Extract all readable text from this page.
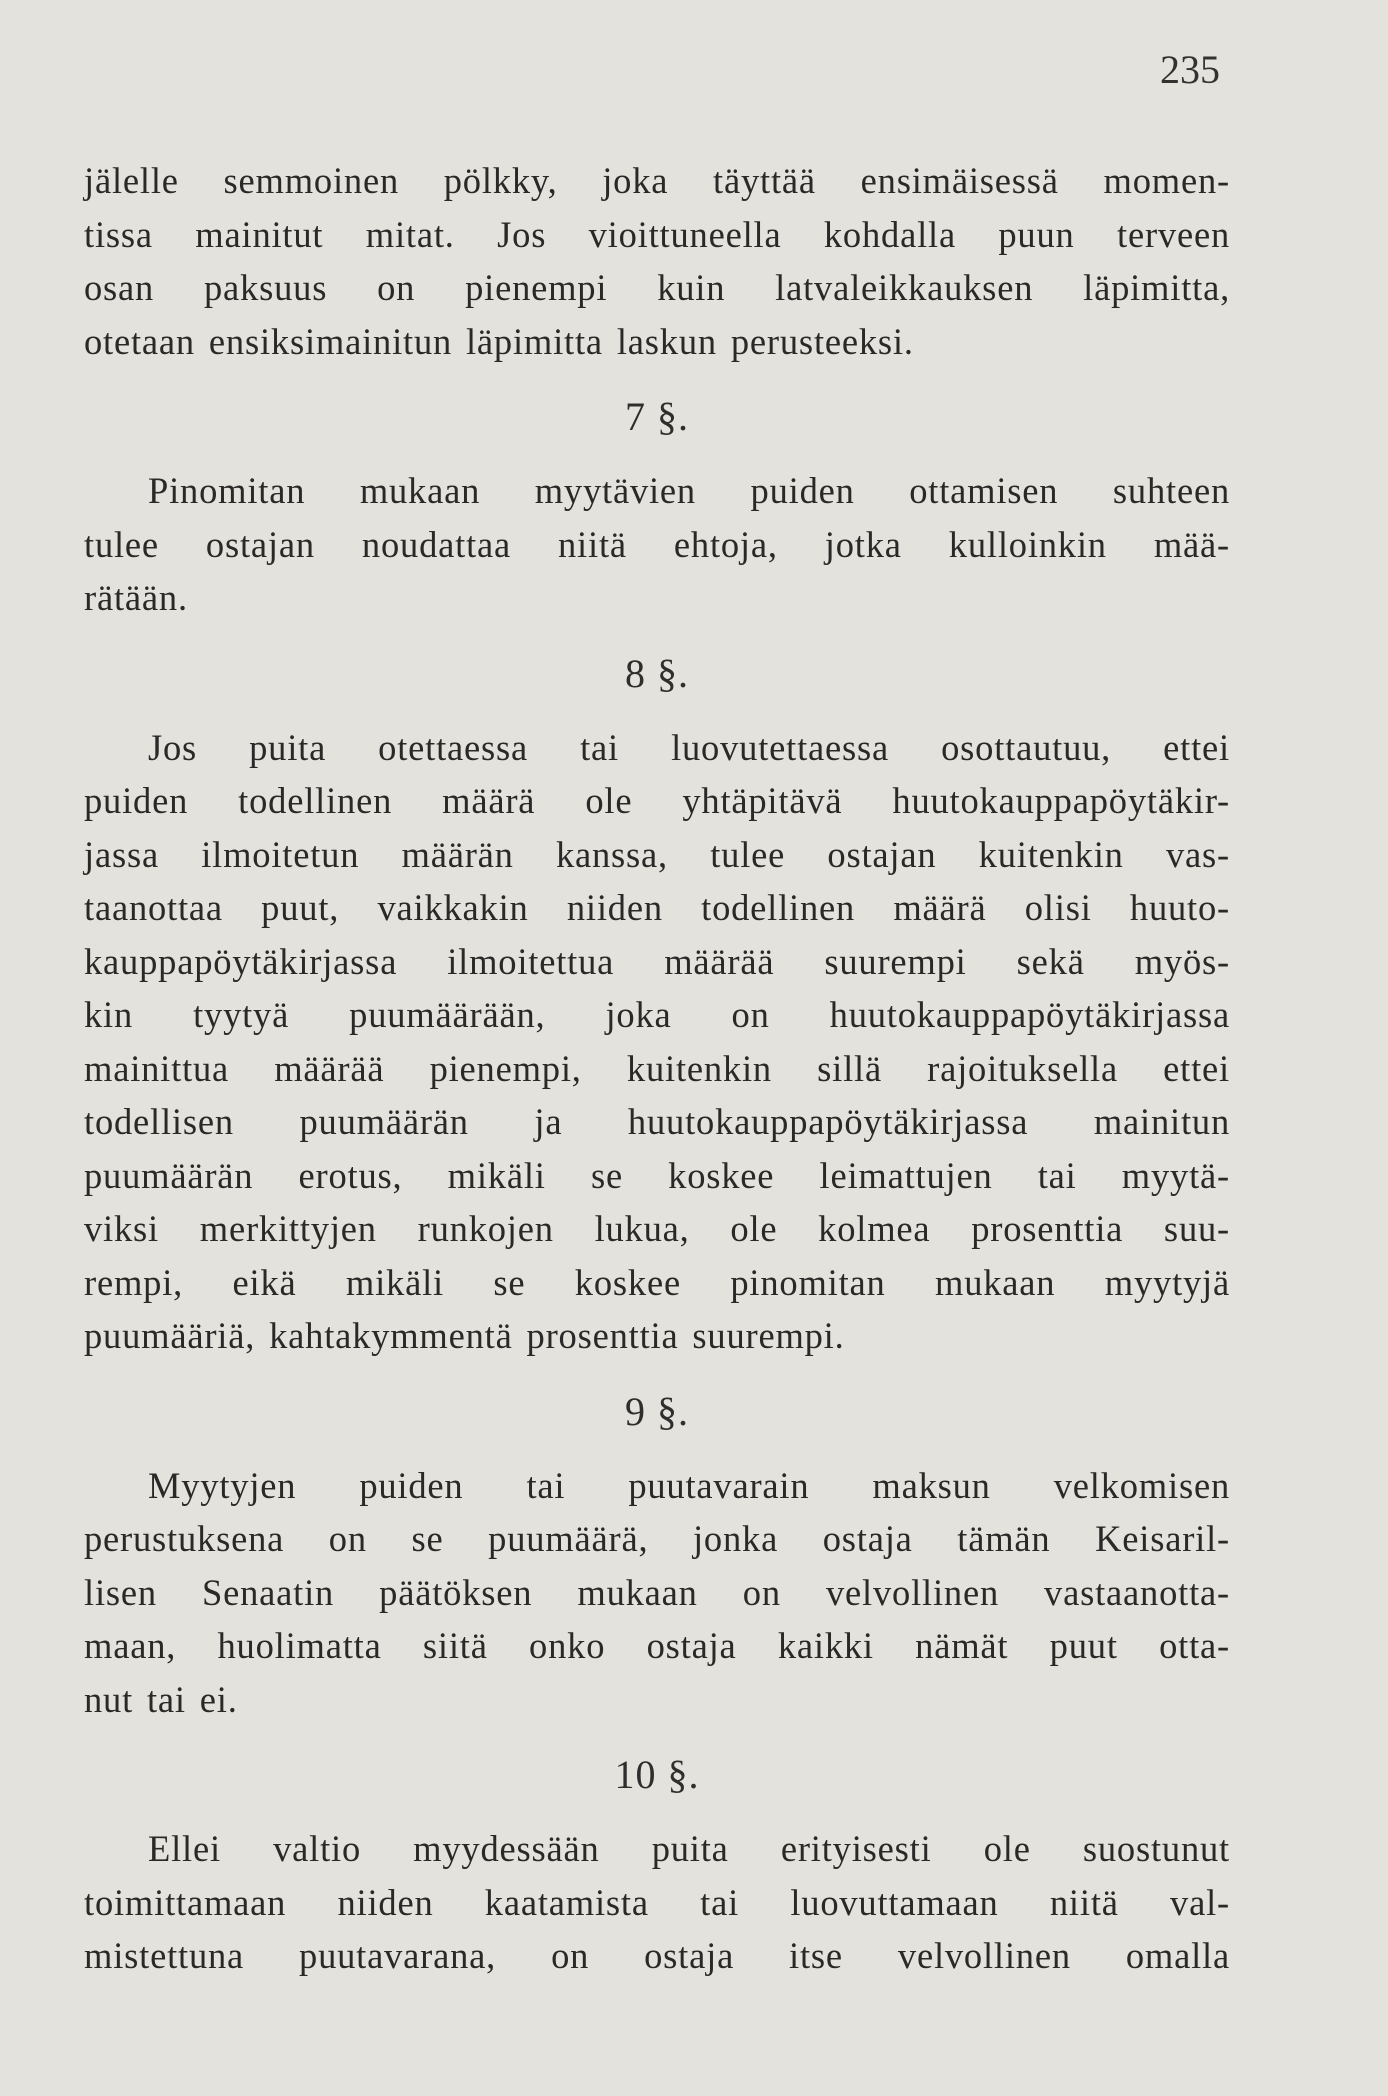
235
jälelle semmoinen pölkky, joka täyttää ensimäisessä momen-
tissa mainitut mitat. Jos vioittuneella kohdalla puun terveen
osan paksuus on pienempi kuin latvaleikkauksen läpimitta,
otetaan ensiksimainitun läpimitta laskun perusteeksi.
7 §.
Pinomitan mukaan myytävien puiden ottamisen suhteen
tulee ostajan noudattaa niitä ehtoja, jotka kulloinkin mää-
rätään.
8 §.
Jos puita otettaessa tai luovutettaessa osottautuu, ettei
puiden todellinen määrä ole yhtäpitävä huutokauppapöytäkir-
jassa ilmoitetun määrän kanssa, tulee ostajan kuitenkin vas-
taanottaa puut, vaikkakin niiden todellinen määrä olisi huuto-
kauppapöytäkirjassa ilmoitettua määrää suurempi sekä myös-
kin tyytyä puumäärään, joka on huutokauppapöytäkirjassa
mainittua määrää pienempi, kuitenkin sillä rajoituksella ettei
todellisen puumäärän ja huutokauppapöytäkirjassa mainitun
puumäärän erotus, mikäli se koskee leimattujen tai myytä-
viksi merkittyjen runkojen lukua, ole kolmea prosenttia suu-
rempi, eikä mikäli se koskee pinomitan mukaan myytyjä
puumääriä, kahtakymmentä prosenttia suurempi.
9 §.
Myytyjen puiden tai puutavarain maksun velkomisen
perustuksena on se puumäärä, jonka ostaja tämän Keisaril-
lisen Senaatin päätöksen mukaan on velvollinen vastaanotta-
maan, huolimatta siitä onko ostaja kaikki nämät puut otta-
nut tai ei.
10 §.
Ellei valtio myydessään puita erityisesti ole suostunut
toimittamaan niiden kaatamista tai luovuttamaan niitä val-
mistettuna puutavarana, on ostaja itse velvollinen omalla
